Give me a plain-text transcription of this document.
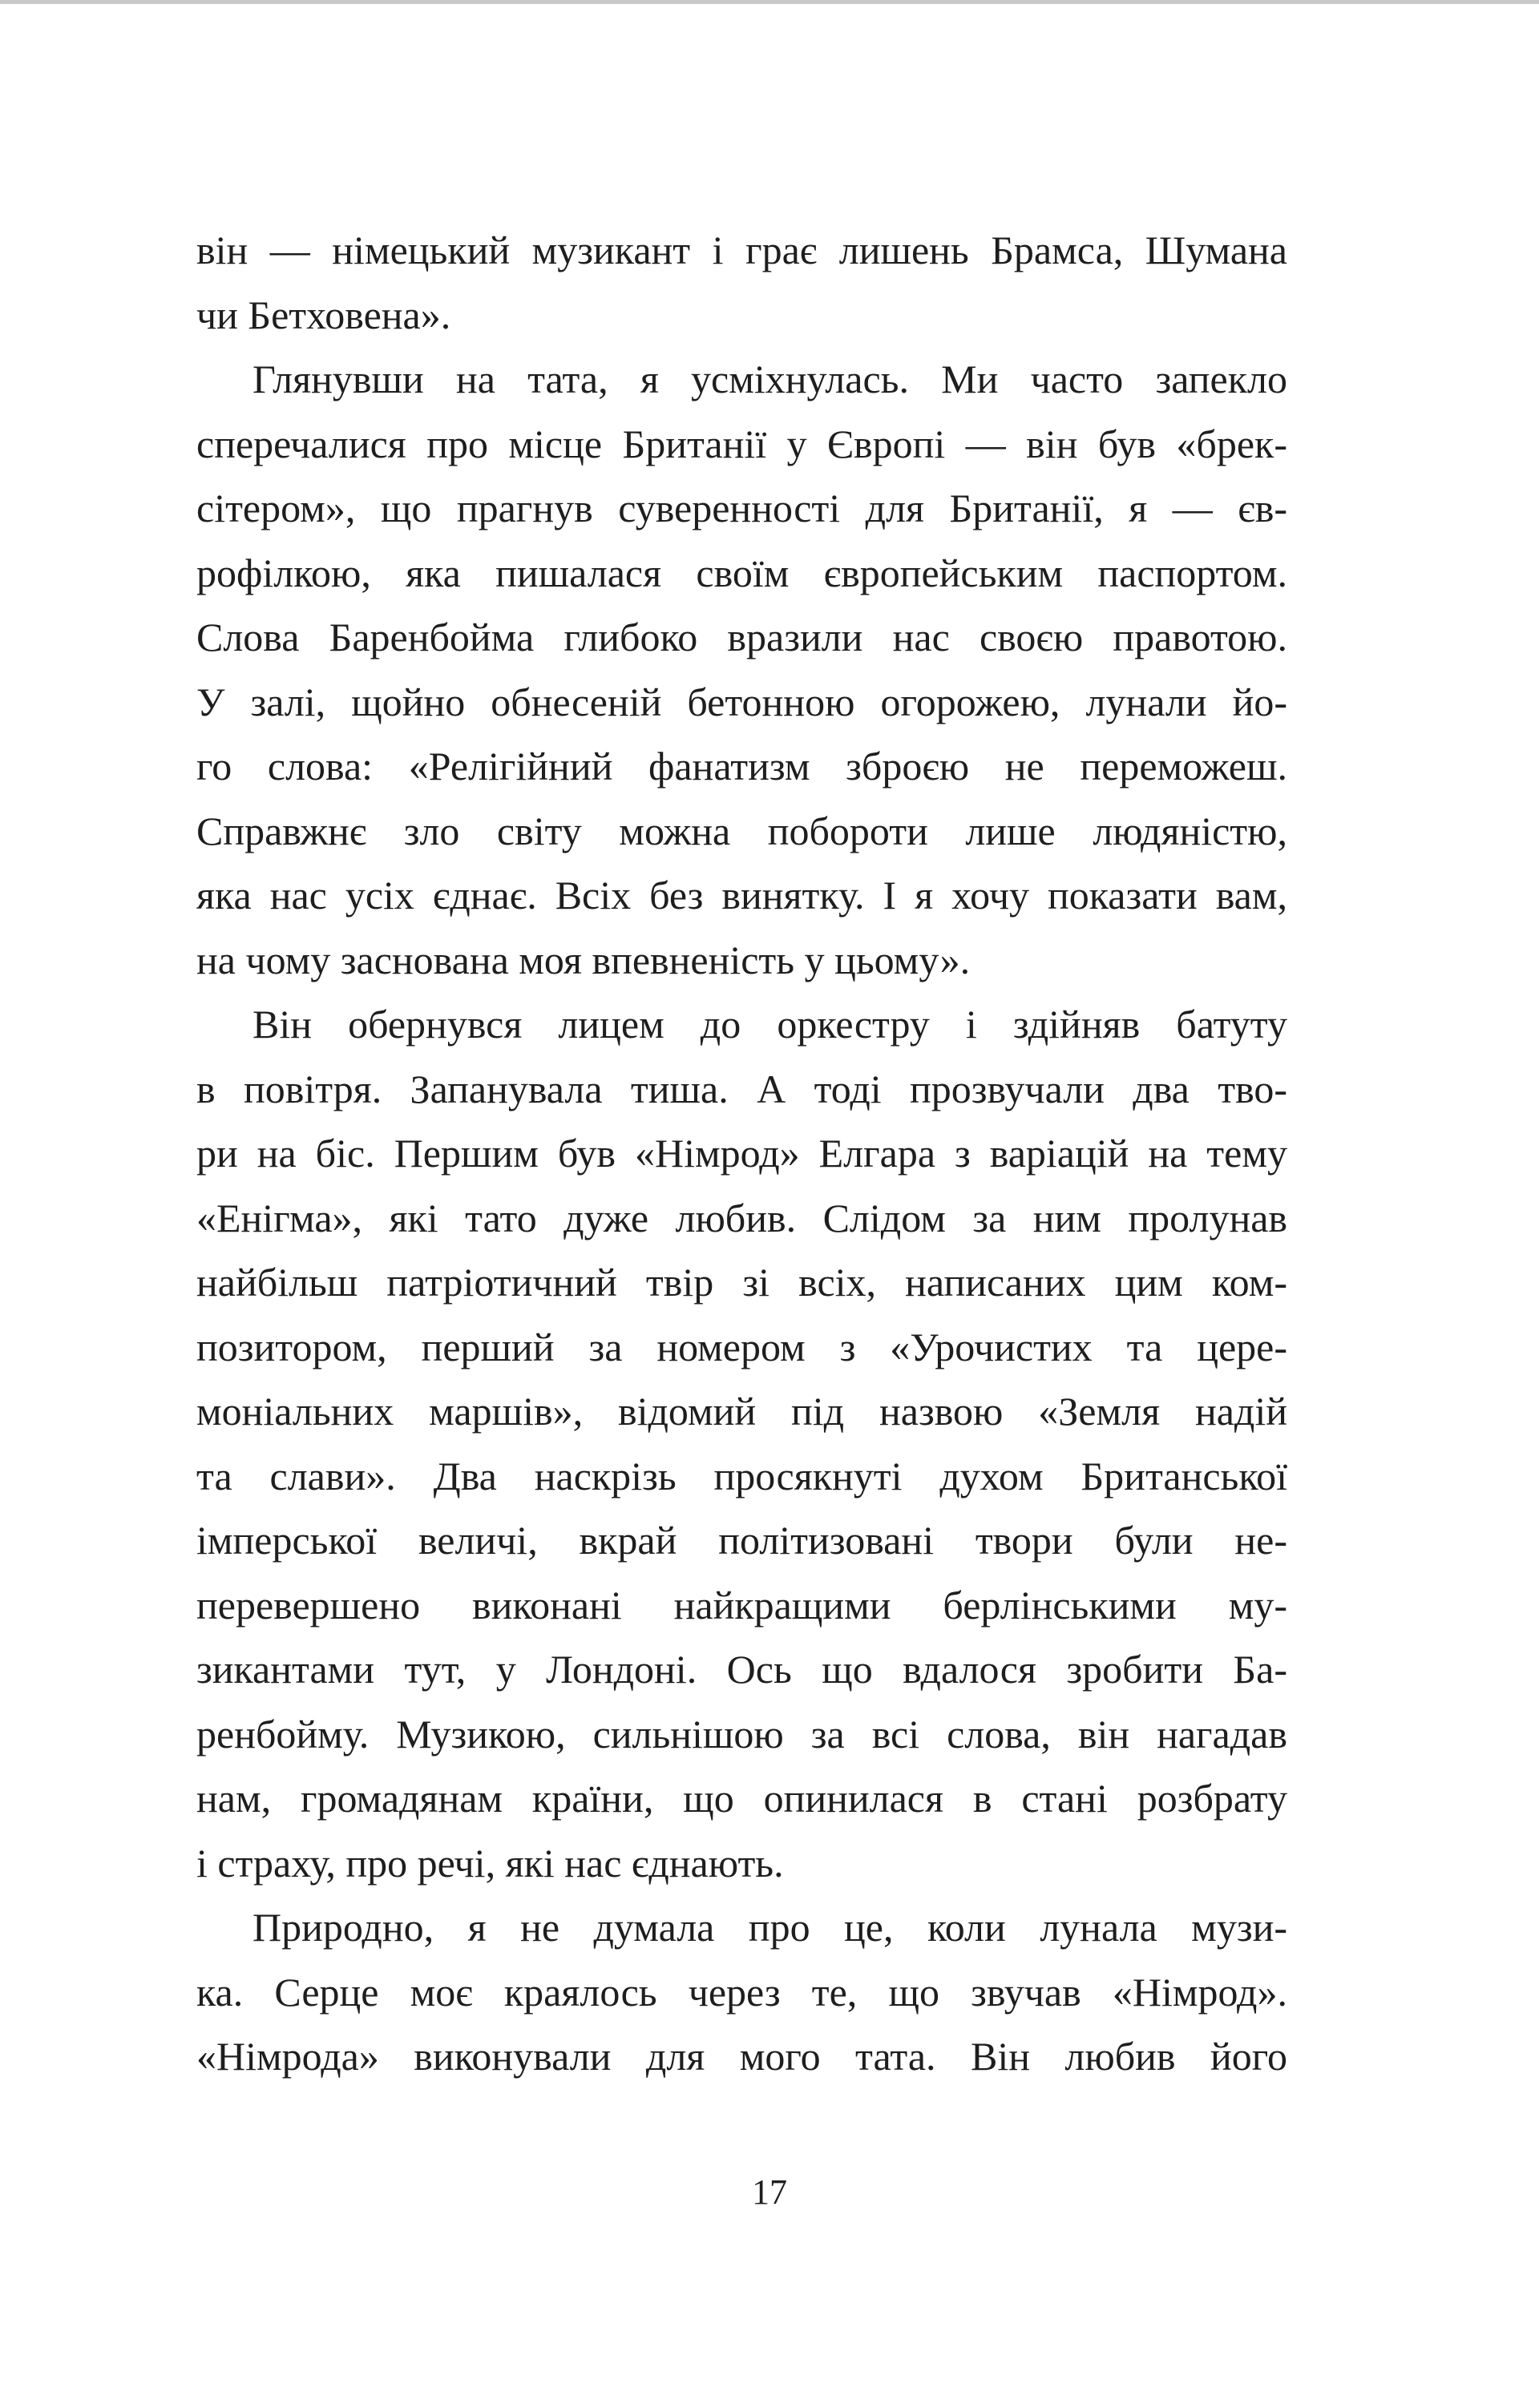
він — німецький музикант і грає лишень Брамса, Шумана
чи Бетховена».
Глянувши на тата, я усміхнулась. Ми часто запекло
сперечалися про місце Британії у Європі — він був «брек-
сітером», що прагнув суверенності для Британії, я — єв-
рофілкою, яка пишалася своїм європейським паспортом.
Слова Баренбойма глибоко вразили нас своєю правотою.
У залі, щойно обнесеній бетонною огорожею, лунали йо-
го слова: «Релігійний фанатизм зброєю не переможеш.
Справжнє зло світу можна побороти лише людяністю,
яка нас усіх єднає. Всіх без винятку. І я хочу показати вам,
на чому заснована моя впевненість у цьому».
Він обернувся лицем до оркестру і здійняв батуту
в повітря. Запанувала тиша. А тоді прозвучали два тво-
ри на біс. Першим був «Німрод» Елгара з варіацій на тему
«Енігма», які тато дуже любив. Слідом за ним пролунав
найбільш патріотичний твір зі всіх, написаних цим ком-
позитором, перший за номером з «Урочистих та цере-
моніальних маршів», відомий під назвою «Земля надій
та слави». Два наскрізь просякнуті духом Британської
імперської величі, вкрай політизовані твори були не-
перевершено виконані найкращими берлінськими му-
зикантами тут, у Лондоні. Ось що вдалося зробити Ба-
ренбойму. Музикою, сильнішою за всі слова, він нагадав
нам, громадянам країни, що опинилася в стані розбрату
і страху, про речі, які нас єднають.
Природно, я не думала про це, коли лунала музи-
ка. Серце моє краялось через те, що звучав «Німрод».
«Німрода» виконували для мого тата. Він любив його
17
